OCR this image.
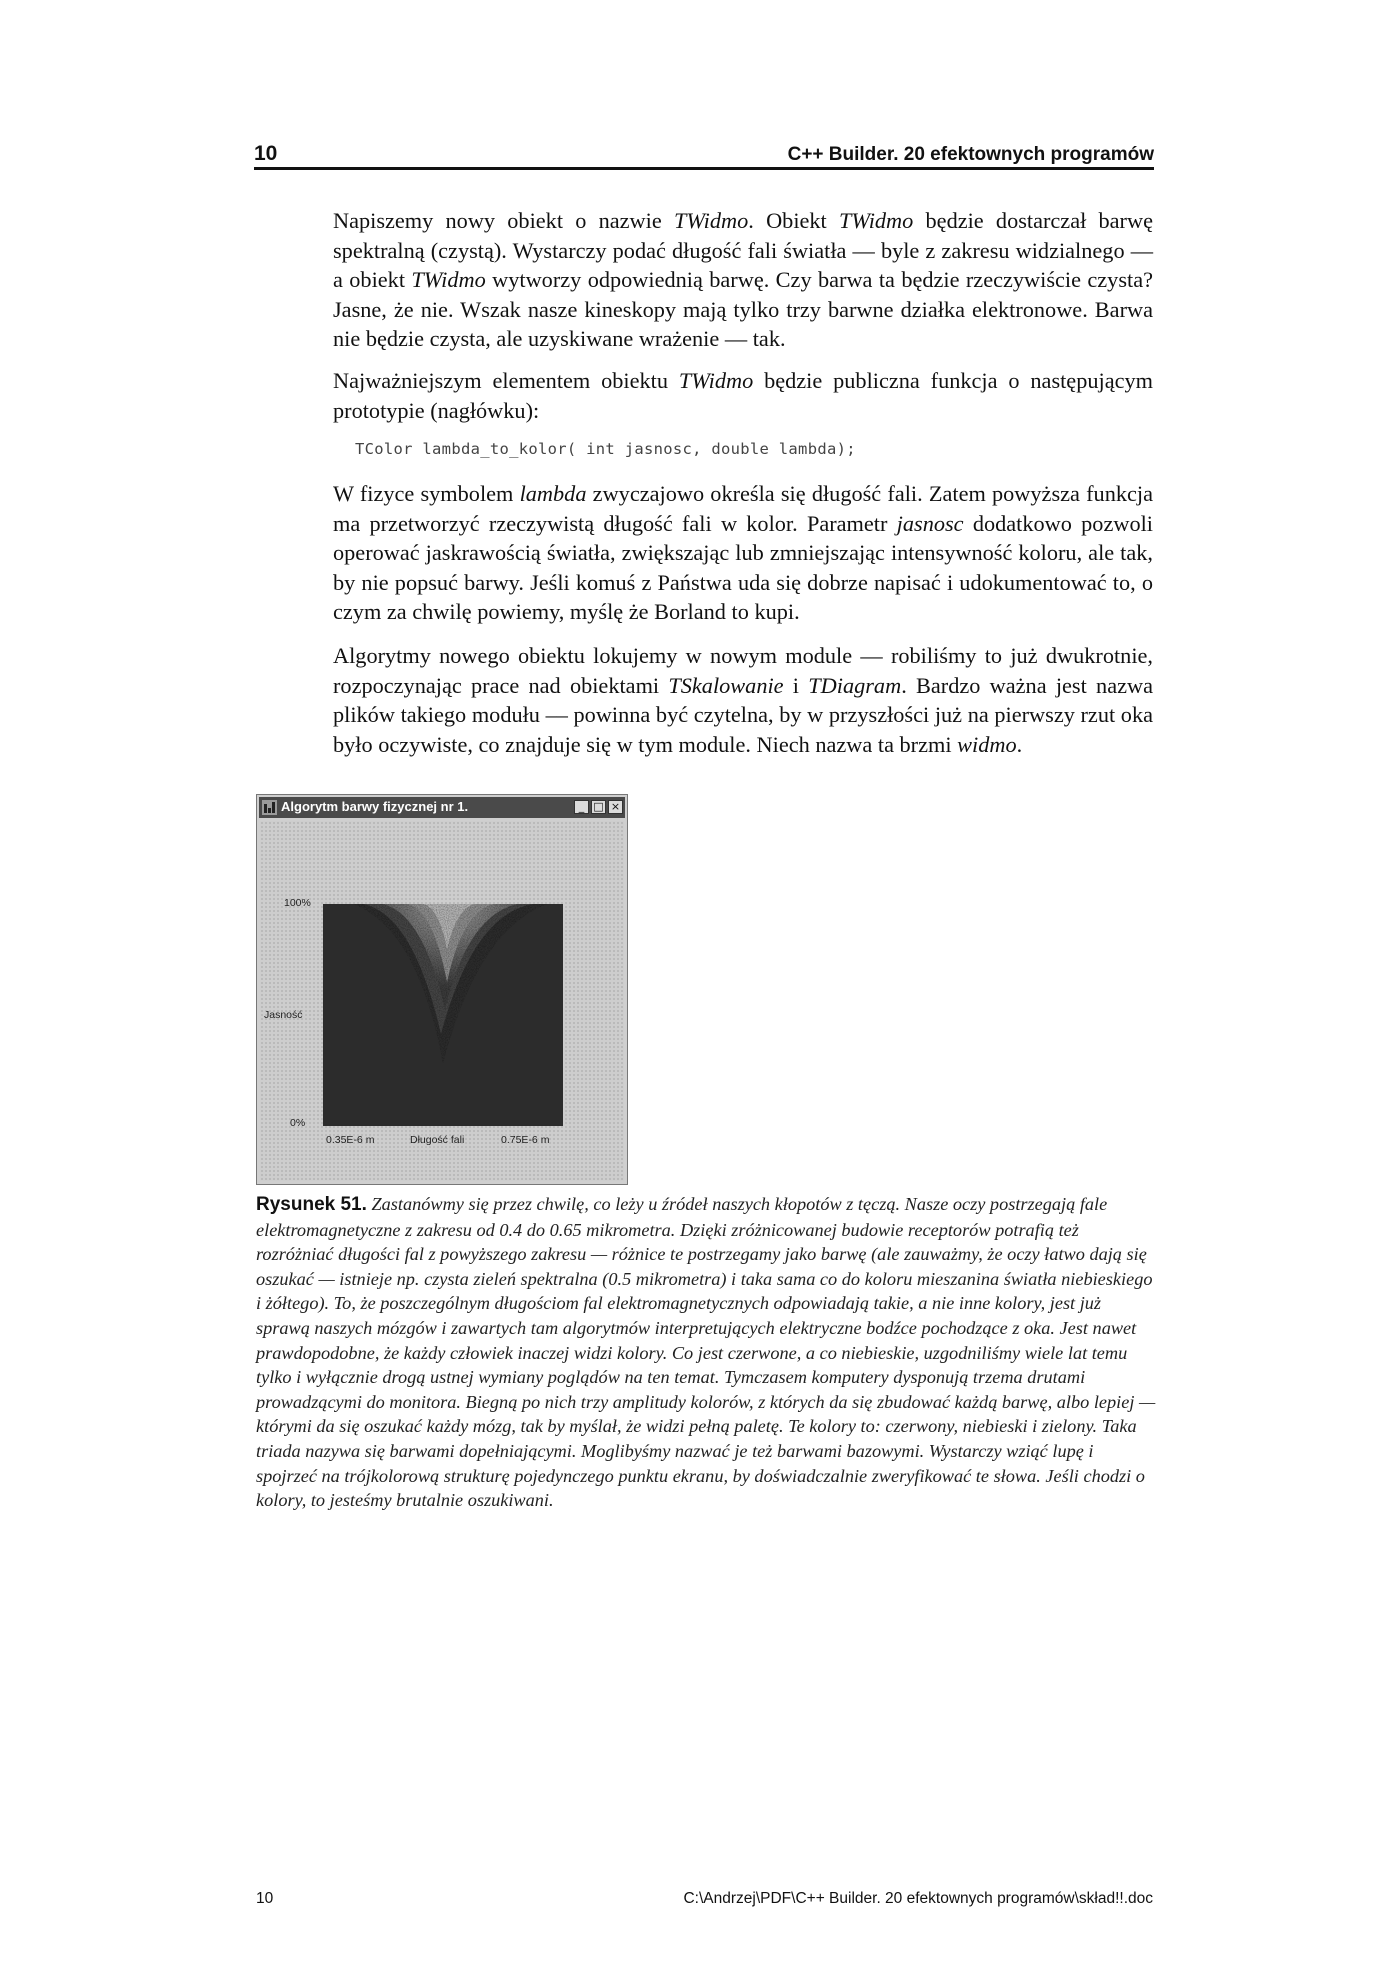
10	C++ Builder. 20 efektownych programów

Napiszemy nowy obiekt o nazwie TWidmo. Obiekt TWidmo będzie dostarczał barwę spektralną (czystą). Wystarczy podać długość fali światła — byle z zakresu widzialnego — a obiekt TWidmo wytworzy odpowiednią barwę. Czy barwa ta będzie rzeczywiście czysta? Jasne, że nie. Wszak nasze kineskopy mają tylko trzy barwne działka elektronowe. Barwa nie będzie czysta, ale uzyskiwane wrażenie — tak.

Najważniejszym elementem obiektu TWidmo będzie publiczna funkcja o następującym prototypie (nagłówku):

TColor lambda_to_kolor( int jasnosc, double lambda);

W fizyce symbolem lambda zwyczajowo określa się długość fali. Zatem powyższa funkcja ma przetworzyć rzeczywistą długość fali w kolor. Parametr jasnosc dodatkowo pozwoli operować jaskrawością światła, zwiększając lub zmniejszając intensywność koloru, ale tak, by nie popsuć barwy. Jeśli komuś z Państwa uda się dobrze napisać i udokumentować to, o czym za chwilę powiemy, myślę że Borland to kupi.

Algorytmy nowego obiektu lokujemy w nowym module — robiliśmy to już dwukrotnie, rozpoczynając prace nad obiektami TSkalowanie i TDiagram. Bardzo ważna jest nazwa plików takiego modułu –– powinna być czytelna, by w przyszłości już na pierwszy rzut oka było oczywiste, co znajduje się w tym module. Niech nazwa ta brzmi widmo.

Algorytm barwy fizycznej nr 1.	_ □ ×
100%
Jasność
0%
0.35E-6 m	Długość fali	0.75E-6 m
Rysunek 51. Zastanówmy się przez chwilę, co leży u źródeł naszych kłopotów z tęczą. Nasze oczy postrzegają fale elektromagnetyczne z zakresu od 0.4 do 0.65 mikrometra. Dzięki zróżnicowanej budowie receptorów potrafią też rozróżniać długości fal z powyższego zakresu — różnice te postrzegamy jako barwę (ale zauważmy, że oczy łatwo dają się oszukać — istnieje np. czysta zieleń spektralna (0.5 mikrometra) i taka sama co do koloru mieszanina światła niebieskiego i żółtego). To, że poszczególnym długościom fal elektromagnetycznych odpowiadają takie, a nie inne kolory, jest już sprawą naszych mózgów i zawartych tam algorytmów interpretujących elektryczne bodźce pochodzące z oka. Jest nawet prawdopodobne, że każdy człowiek inaczej widzi kolory. Co jest czerwone, a co niebieskie, uzgodniliśmy wiele lat temu tylko i wyłącznie drogą ustnej wymiany poglądów na ten temat. Tymczasem komputery dysponują trzema drutami prowadzącymi do monitora. Biegną po nich trzy amplitudy kolorów, z których da się zbudować każdą barwę, albo lepiej — którymi da się oszukać każdy mózg, tak by myślał, że widzi pełną paletę. Te kolory to: czerwony, niebieski i zielony. Taka triada nazywa się barwami dopełniającymi. Moglibyśmy nazwać je też barwami bazowymi. Wystarczy wziąć lupę i spojrzeć na trójkolorową strukturę pojedynczego punktu ekranu, by doświadczalnie zweryfikować te słowa. Jeśli chodzi o kolory, to jesteśmy brutalnie oszukiwani.
10	C:\Andrzej\PDF\C++ Builder. 20 efektownych programów\skład!!.doc
